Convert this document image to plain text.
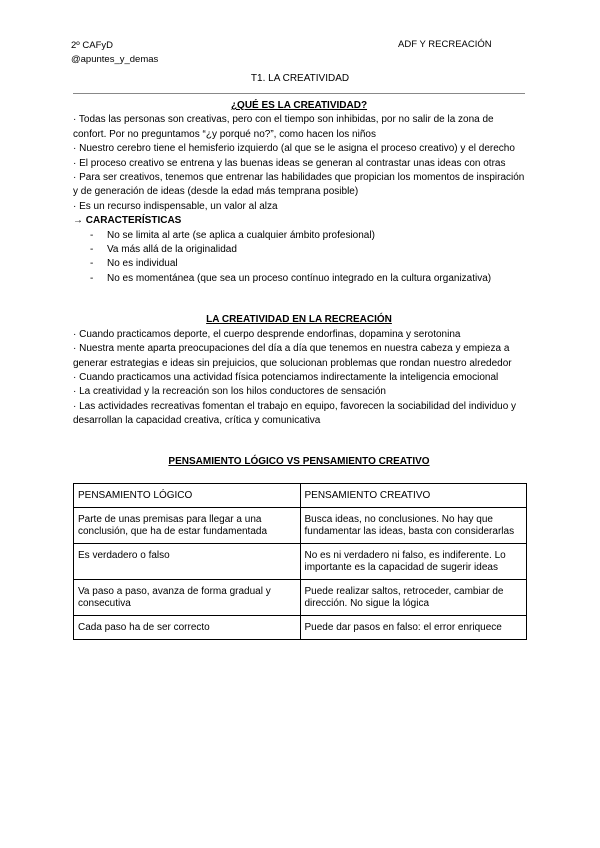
2º CAFyD
@apuntes_y_demas
ADF Y RECREACIÓN
T1. LA CREATIVIDAD

¿QUÉ ES LA CREATIVIDAD?

· Todas las personas son creativas, pero con el tiempo son inhibidas, por no salir de la zona de confort. Por no preguntamos “¿y porqué no?”, como hacen los niños

· Nuestro cerebro tiene el hemisferio izquierdo (al que se le asigna el proceso creativo) y el derecho

· El proceso creativo se entrena y las buenas ideas se generan al contrastar unas ideas con otras

· Para ser creativos, tenemos que entrenar las habilidades que propician los momentos de inspiración y de generación de ideas (desde la edad más temprana posible)

· Es un recurso indispensable, un valor al alza

→ CARACTERÍSTICAS

- No se limita al arte (se aplica a cualquier ámbito profesional)
- Va más allá de la originalidad
- No es individual
- No es momentánea (que sea un proceso contínuo integrado en la cultura organizativa)

LA CREATIVIDAD EN LA RECREACIÓN

· Cuando practicamos deporte, el cuerpo desprende endorfinas, dopamina y serotonina

· Nuestra mente aparta preocupaciones del día a día que tenemos en nuestra cabeza y empieza a generar estrategias e ideas sin prejuicios, que solucionan problemas que rondan nuestro alrededor

· Cuando practicamos una actividad física potenciamos indirectamente la inteligencia emocional

· La creatividad y la recreación son los hilos conductores de sensación

· Las actividades recreativas fomentan el trabajo en equipo, favorecen la sociabilidad del individuo y desarrollan la capacidad creativa, crítica y comunicativa

PENSAMIENTO LÓGICO VS PENSAMIENTO CREATIVO

PENSAMIENTO LÓGICO	PENSAMIENTO CREATIVO
Parte de unas premisas para llegar a una conclusión, que ha de estar fundamentada	Busca ideas, no conclusiones. No hay que fundamentar las ideas, basta con considerarlas
Es verdadero o falso	No es ni verdadero ni falso, es indiferente. Lo importante es la capacidad de sugerir ideas
Va paso a paso, avanza de forma gradual y consecutiva	Puede realizar saltos, retroceder, cambiar de dirección. No sigue la lógica
Cada paso ha de ser correcto	Puede dar pasos en falso: el error enriquece
